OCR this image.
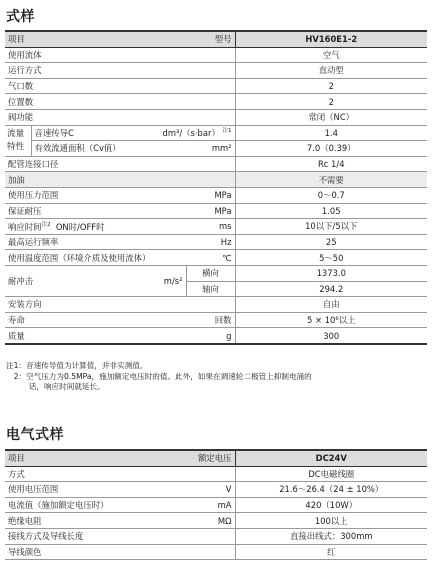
式样
项目 型号				HV160E1-2
使用流体				空气
运行方式				直动型
气口数				2
位置数				2
阀功能				常闭（NC）
流量特性	音速传导C	dm³/（s·bar） $^{注1}$		1.4
	有效流通面积（Cv值）	mm²		7.0（0.39）
配管连接口径				Rc 1/4
加油				不需要
使用压力范围			MPa	0～0.7
保证耐压			MPa	1.05
响应时间$^{注2}$ ON时/OFF时			ms	10以下/5以下
最高运行频率			Hz	25
使用温度范围（环境介质及使用流体）			℃	5～50
耐冲击		m/s²	横向	1373.0
			轴向	294.2
安装方向				自由
寿命			回数	5 × 10⁶以上
质量			g	300
注1：音速传导值为计算值，并非实测值。
　2：空气压力为0.5MPa，施加额定电压时的值。此外，如果在调速轮二极管上抑制电涌的
　　　话，响应时间就延长。
电气式样
项目 额定电压		DC24V
方式		DC电磁线圈
使用电压范围	V	21.6～26.4（24 ± 10%）
电流值（施加额定电压时）	mA	420（10W）
绝缘电阻	MΩ	100以上
接线方式及导线长度		直接出线式：300mm
导线颜色		红
